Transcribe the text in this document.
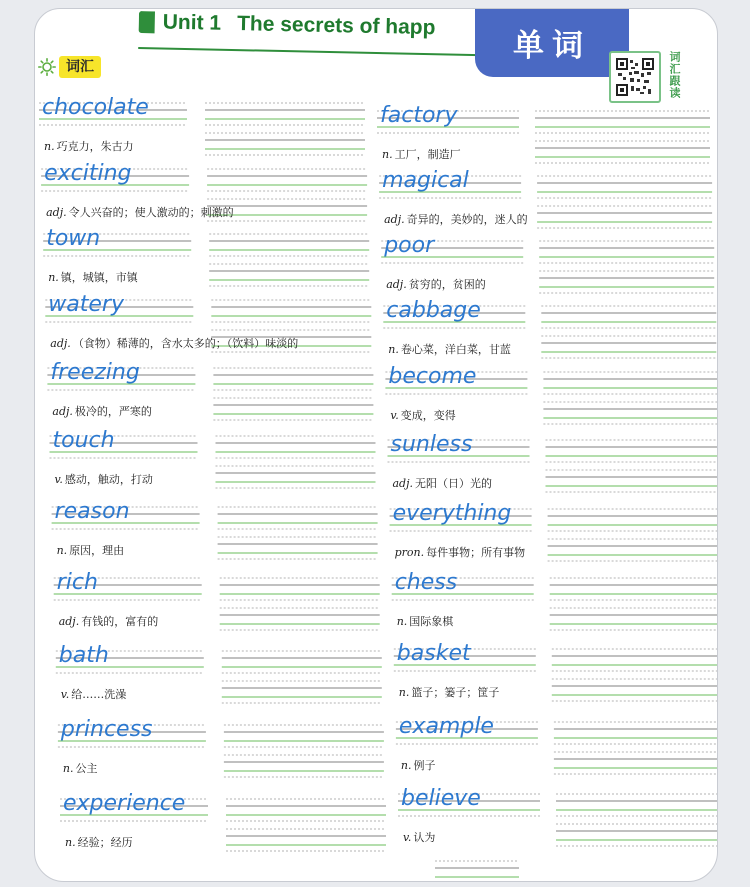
Unit 1 The secrets of happ
单词
词汇	词汇跟读
chocolate
n. 巧克力，朱古力
exciting
adj. 令人兴奋的；使人激动的；刺激的
town
n. 镇，城镇，市镇
watery
adj. （食物）稀薄的，含水太多的；（饮料）味淡的
freezing
adj. 极冷的，严寒的
touch
v. 感动，触动，打动
reason
n. 原因，理由
rich
adj. 有钱的，富有的
bath
v. 给……洗澡
princess
n. 公主
experience
n. 经验；经历
factory
n. 工厂，制造厂
magical
adj. 奇异的，美妙的，迷人的
poor
adj. 贫穷的，贫困的
cabbage
n. 卷心菜，洋白菜，甘蓝
become
v. 变成，变得
sunless
adj. 无阳（日）光的
everything
pron. 每件事物；所有事物
chess
n. 国际象棋
basket
n. 篮子；篓子；筐子
example
n. 例子
believe
v. 认为
